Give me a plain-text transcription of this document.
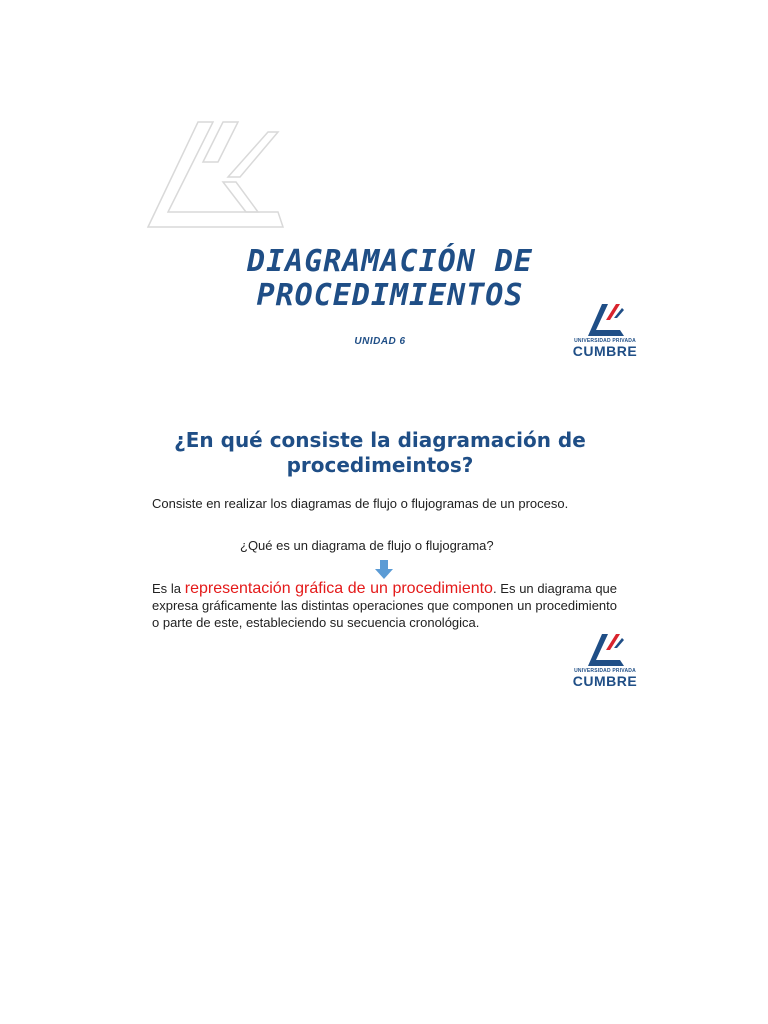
DIAGRAMACIÓN DE
PROCEDIMIENTOS
UNIDAD 6	UNIVERSIDAD PRIVADA
CUMBRE
¿En qué consiste la diagramación de
procedimeintos?
Consiste en realizar los diagramas de flujo o flujogramas de un proceso.
¿Qué es un diagrama de flujo o flujograma?
Es la representación gráfica de un procedimiento. Es un diagrama que expresa gráficamente las distintas operaciones que componen un procedimiento o parte de este, estableciendo su secuencia cronológica.
UNIVERSIDAD PRIVADA
CUMBRE
